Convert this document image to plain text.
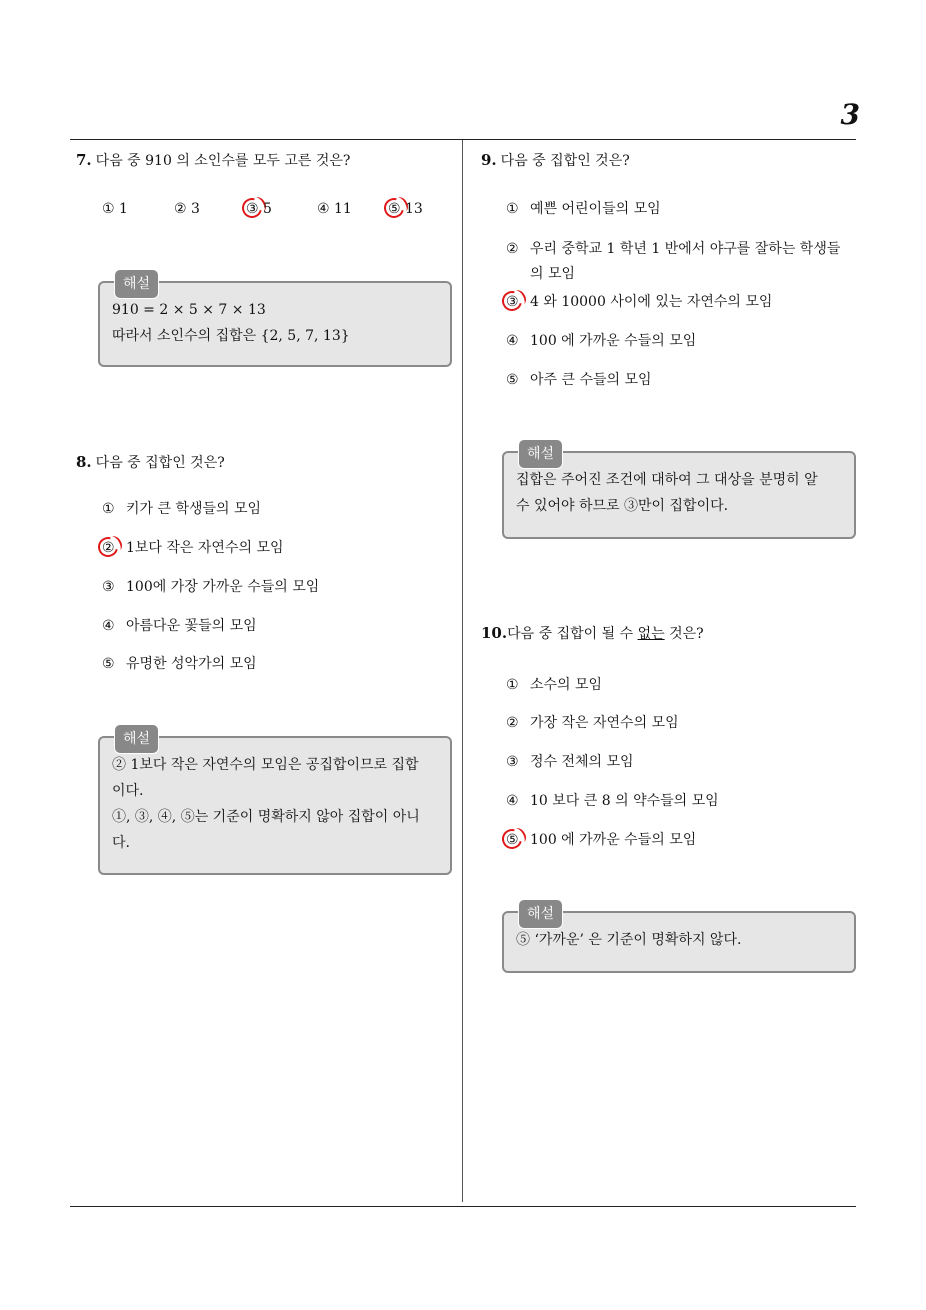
3
7. 다음 중 910 의 소인수를 모두 고른 것은?
① 1	② 3	③ 5	④ 11	⑤ 13
해설
910 = 2 × 5 × 7 × 13
따라서 소인수의 집합은 {2, 5, 7, 13}
8. 다음 중 집합인 것은?
① 키가 큰 학생들의 모임
② 1보다 작은 자연수의 모임
③ 100에 가장 가까운 수들의 모임
④ 아름다운 꽃들의 모임
⑤ 유명한 성악가의 모임
해설
② 1보다 작은 자연수의 모임은 공집합이므로 집합
이다.
①, ③, ④, ⑤는 기준이 명확하지 않아 집합이 아니
다.
9. 다음 중 집합인 것은?
① 예쁜 어린이들의 모임
② 우리 중학교 1 학년 1 반에서 야구를 잘하는 학생들의 모임
③ 4 와 10000 사이에 있는 자연수의 모임
④ 100 에 가까운 수들의 모임
⑤ 아주 큰 수들의 모임
해설
집합은 주어진 조건에 대하여 그 대상을 분명히 알
수 있어야 하므로 ③만이 집합이다.
10.다음 중 집합이 될 수 없는 것은?
① 소수의 모임
② 가장 작은 자연수의 모임
③ 정수 전체의 모임
④ 10 보다 큰 8 의 약수들의 모임
⑤ 100 에 가까운 수들의 모임
해설
⑤ ‘가까운’ 은 기준이 명확하지 않다.
